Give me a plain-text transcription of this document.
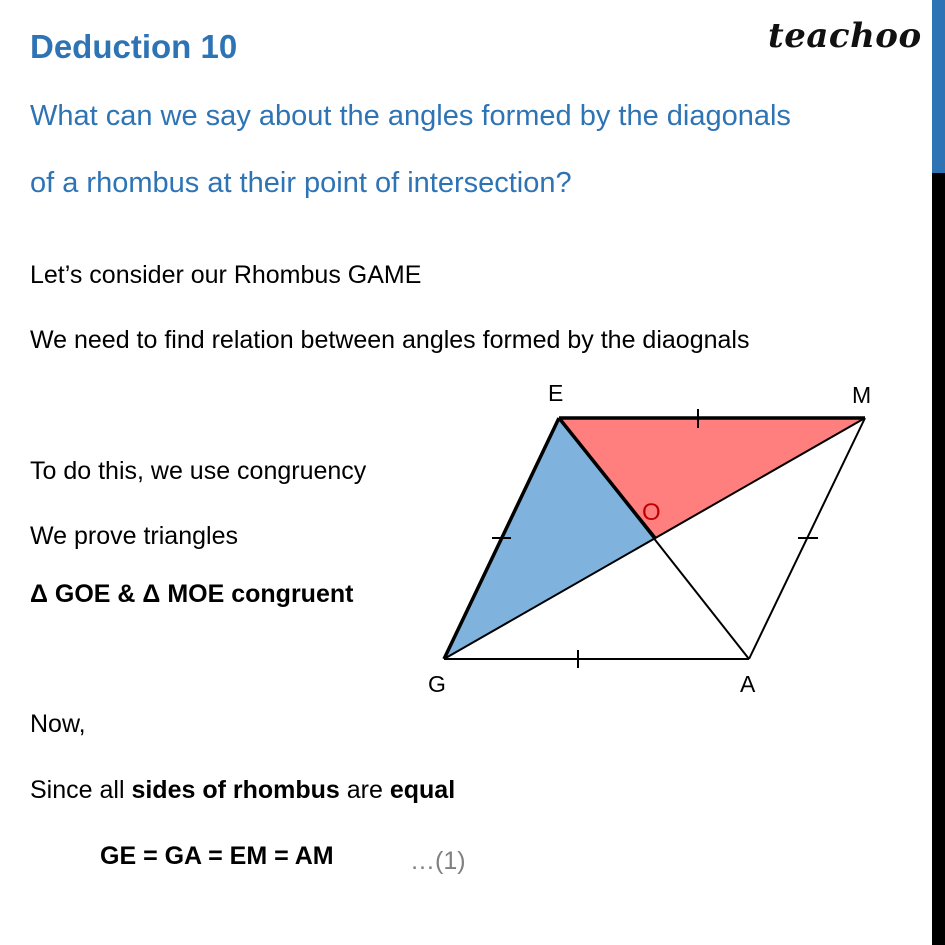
Deduction 10	teachoo
What can we say about the angles formed by the diagonals
of a rhombus at their point of intersection?
Let’s consider our Rhombus GAME
We need to find relation between angles formed by the diaognals
To do this, we use congruency
We prove triangles
Δ GOE & Δ MOE congruent
Now,
Since all sides of rhombus are equal
GE = GA = EM = AM	…(1)
E	M
G	A
O
